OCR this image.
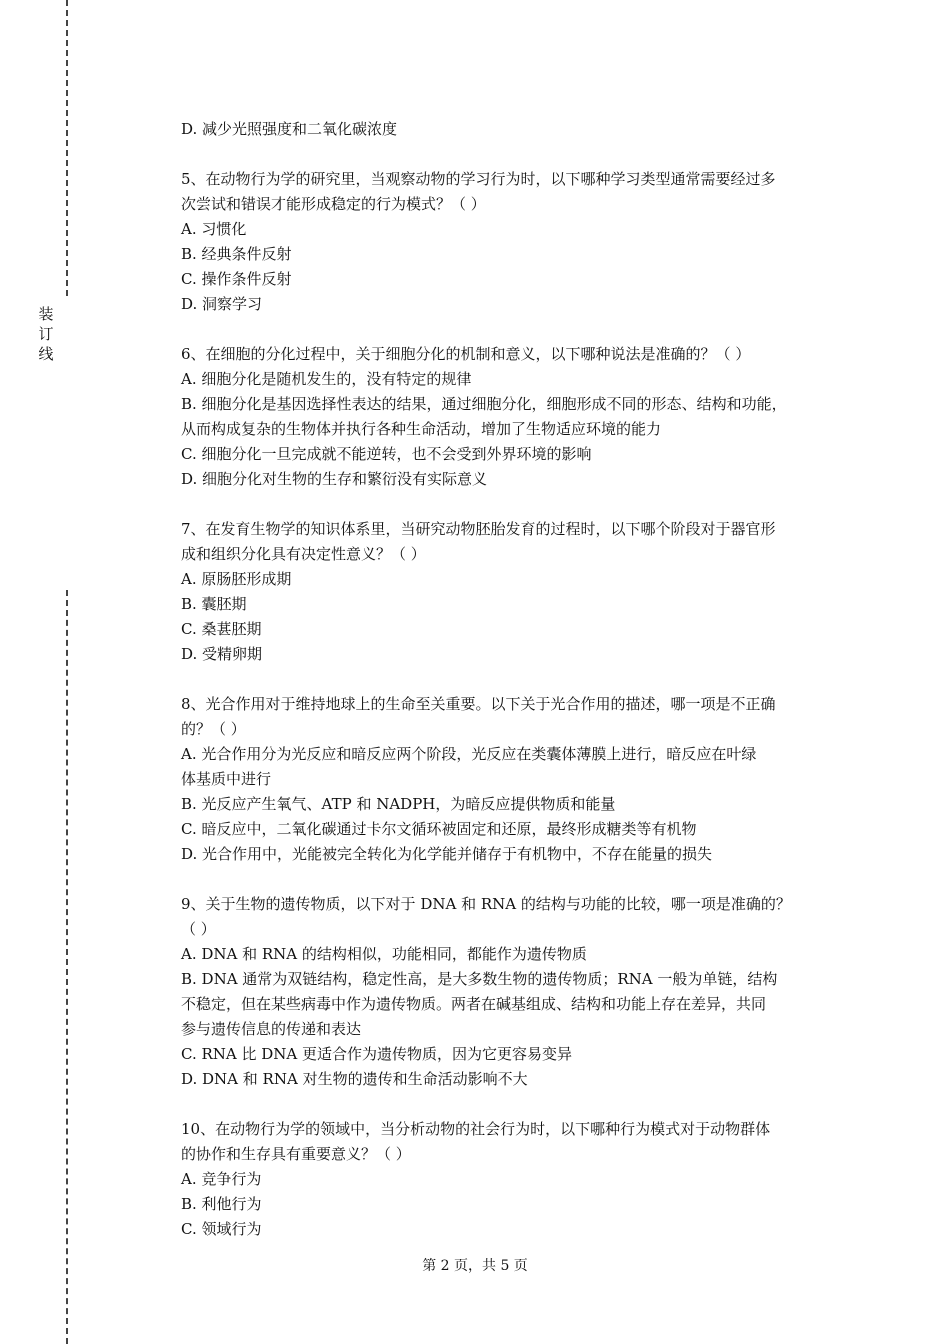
装订线
D. 减少光照强度和二氧化碳浓度
5、在动物行为学的研究里，当观察动物的学习行为时，以下哪种学习类型通常需要经过多
次尝试和错误才能形成稳定的行为模式？（ ）
A. 习惯化
B. 经典条件反射
C. 操作条件反射
D. 洞察学习
6、在细胞的分化过程中，关于细胞分化的机制和意义，以下哪种说法是准确的？（ ）
A. 细胞分化是随机发生的，没有特定的规律
B. 细胞分化是基因选择性表达的结果，通过细胞分化，细胞形成不同的形态、结构和功能，
从而构成复杂的生物体并执行各种生命活动，增加了生物适应环境的能力
C. 细胞分化一旦完成就不能逆转，也不会受到外界环境的影响
D. 细胞分化对生物的生存和繁衍没有实际意义
7、在发育生物学的知识体系里，当研究动物胚胎发育的过程时，以下哪个阶段对于器官形
成和组织分化具有决定性意义？（ ）
A. 原肠胚形成期
B. 囊胚期
C. 桑葚胚期
D. 受精卵期
8、光合作用对于维持地球上的生命至关重要。以下关于光合作用的描述，哪一项是不正确
的？（ ）
A. 光合作用分为光反应和暗反应两个阶段，光反应在类囊体薄膜上进行，暗反应在叶绿
体基质中进行
B. 光反应产生氧气、ATP 和 NADPH，为暗反应提供物质和能量
C. 暗反应中，二氧化碳通过卡尔文循环被固定和还原，最终形成糖类等有机物
D. 光合作用中，光能被完全转化为化学能并储存于有机物中，不存在能量的损失
9、关于生物的遗传物质，以下对于 DNA 和 RNA 的结构与功能的比较，哪一项是准确的？
（ ）
A. DNA 和 RNA 的结构相似，功能相同，都能作为遗传物质
B. DNA 通常为双链结构，稳定性高，是大多数生物的遗传物质；RNA 一般为单链，结构
不稳定，但在某些病毒中作为遗传物质。两者在碱基组成、结构和功能上存在差异，共同
参与遗传信息的传递和表达
C. RNA 比 DNA 更适合作为遗传物质，因为它更容易变异
D. DNA 和 RNA 对生物的遗传和生命活动影响不大
10、在动物行为学的领域中，当分析动物的社会行为时，以下哪种行为模式对于动物群体
的协作和生存具有重要意义？（ ）
A. 竞争行为
B. 利他行为
C. 领域行为
第 2 页，共 5 页
